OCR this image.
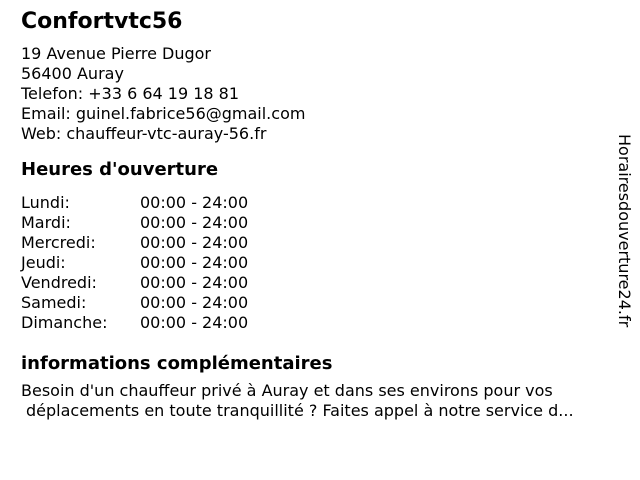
Confortvtc56
19 Avenue Pierre Dugor
56400 Auray
Telefon: +33 6 64 19 18 81
Email: guinel.fabrice56@gmail.com
Web: chauffeur-vtc-auray-56.fr
Heures d'ouverture
Lundi:	00:00 - 24:00
Mardi:	00:00 - 24:00
Mercredi:	00:00 - 24:00
Jeudi:	00:00 - 24:00
Vendredi:	00:00 - 24:00
Samedi:	00:00 - 24:00
Dimanche:	00:00 - 24:00
informations complémentaires
Besoin d'un chauffeur privé à Auray et dans ses environs pour vos
déplacements en toute tranquillité ? Faites appel à notre service d...
Horairesdouverture24.fr
